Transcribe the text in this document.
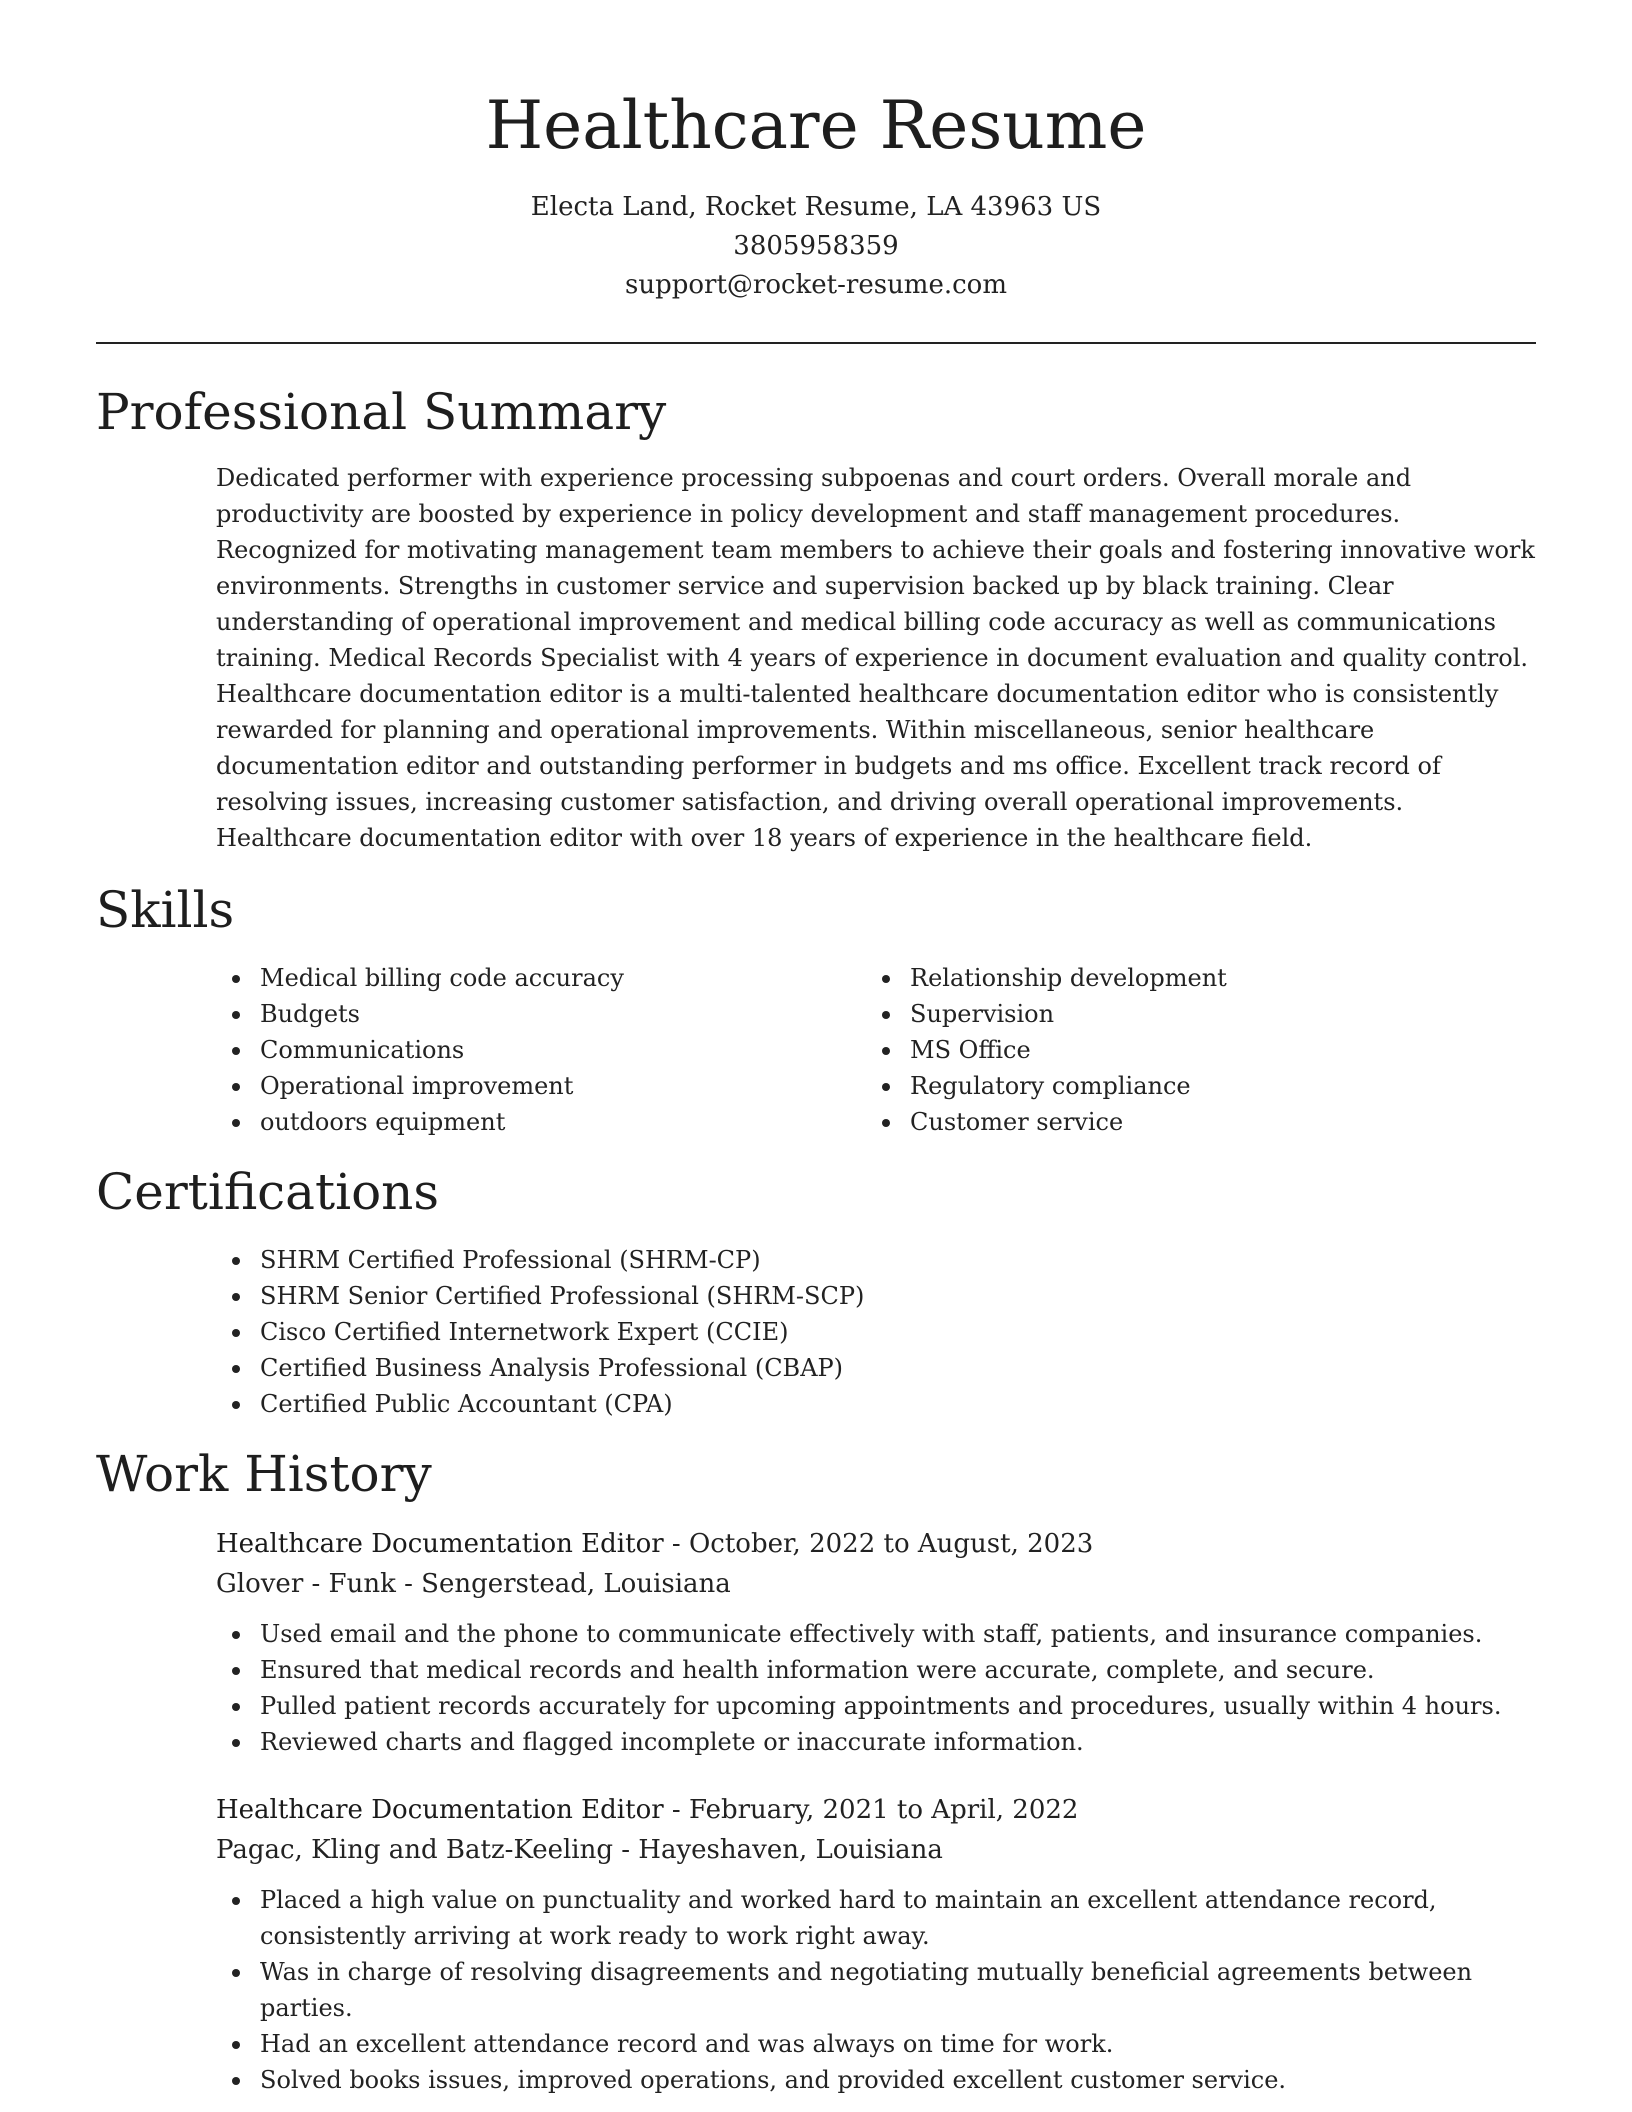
Healthcare Resume
Electa Land, Rocket Resume, LA 43963 US
3805958359
support@rocket-resume.com
Professional Summary

Dedicated performer with experience processing subpoenas and court orders. Overall morale and productivity are boosted by experience in policy development and staff management procedures. Recognized for motivating management team members to achieve their goals and fostering innovative work environments. Strengths in customer service and supervision backed up by black training. Clear understanding of operational improvement and medical billing code accuracy as well as communications training. Medical Records Specialist with 4 years of experience in document evaluation and quality control. Healthcare documentation editor is a multi-talented healthcare documentation editor who is consistently rewarded for planning and operational improvements. Within miscellaneous, senior healthcare documentation editor and outstanding performer in budgets and ms office. Excellent track record of resolving issues, increasing customer satisfaction, and driving overall operational improvements. Healthcare documentation editor with over 18 years of experience in the healthcare field.

Skills
Medical billing code accuracy
Budgets
Communications
Operational improvement
outdoors equipment
Relationship development
Supervision
MS Office
Regulatory compliance
Customer service
Certifications
SHRM Certified Professional (SHRM-CP)
SHRM Senior Certified Professional (SHRM-SCP)
Cisco Certified Internetwork Expert (CCIE)
Certified Business Analysis Professional (CBAP)
Certified Public Accountant (CPA)
Work History
Healthcare Documentation Editor - October, 2022 to August, 2023
Glover - Funk - Sengerstead, Louisiana
Used email and the phone to communicate effectively with staff, patients, and insurance companies.
Ensured that medical records and health information were accurate, complete, and secure.
Pulled patient records accurately for upcoming appointments and procedures, usually within 4 hours.
Reviewed charts and flagged incomplete or inaccurate information.
Healthcare Documentation Editor - February, 2021 to April, 2022
Pagac, Kling and Batz-Keeling - Hayeshaven, Louisiana
Placed a high value on punctuality and worked hard to maintain an excellent attendance record, consistently arriving at work ready to work right away.
Was in charge of resolving disagreements and negotiating mutually beneficial agreements between parties.
Had an excellent attendance record and was always on time for work.
Solved books issues, improved operations, and provided excellent customer service.
